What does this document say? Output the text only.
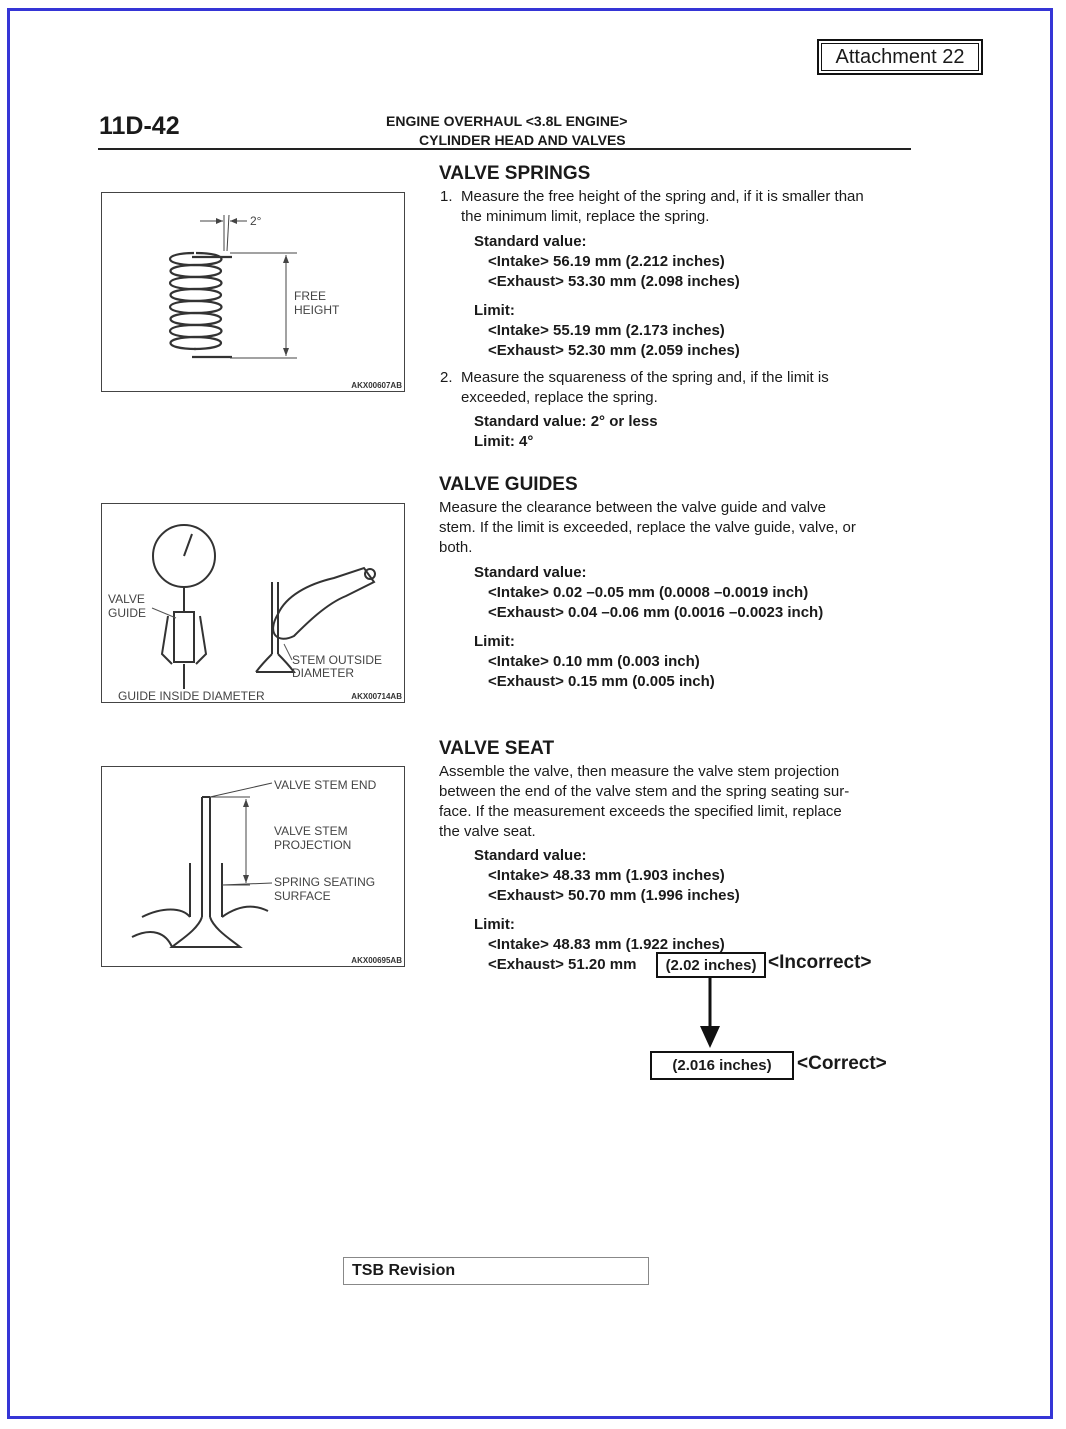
Attachment 22
11D-42	ENGINE OVERHAUL <3.8L ENGINE>
CYLINDER HEAD AND VALVES
VALVE SPRINGS
1. Measure the free height of the spring and, if it is smaller than
the minimum limit, replace the spring.
Standard value:
<Intake> 56.19 mm (2.212 inches)
<Exhaust> 53.30 mm (2.098 inches)
Limit:
<Intake> 55.19 mm (2.173 inches)
<Exhaust> 52.30 mm (2.059 inches)
2. Measure the squareness of the spring and, if the limit is
exceeded, replace the spring.
Standard value: 2° or less
Limit: 4°
2°
FREE
HEIGHT
AKX00607AB
VALVE GUIDES
Measure the clearance between the valve guide and valve
stem. If the limit is exceeded, replace the valve guide, valve, or
both.
Standard value:
<Intake> 0.02 –0.05 mm (0.0008 –0.0019 inch)
<Exhaust> 0.04 –0.06 mm (0.0016 –0.0023 inch)
Limit:
<Intake> 0.10 mm (0.003 inch)
<Exhaust> 0.15 mm (0.005 inch)
VALVE
GUIDE
STEM OUTSIDE
DIAMETER
GUIDE INSIDE DIAMETER	AKX00714AB
VALVE SEAT
Assemble the valve, then measure the valve stem projection
between the end of the valve stem and the spring seating sur-
face. If the measurement exceeds the specified limit, replace
the valve seat.
Standard value:
<Intake> 48.33 mm (1.903 inches)
<Exhaust> 50.70 mm (1.996 inches)
Limit:
<Intake> 48.83 mm (1.922 inches)
<Exhaust> 51.20 mm
VALVE STEM END
VALVE STEM
PROJECTION
SPRING SEATING
SURFACE
AKX00695AB	(2.02 inches) <Incorrect>
(2.016 inches)	<Correct>
TSB Revision
